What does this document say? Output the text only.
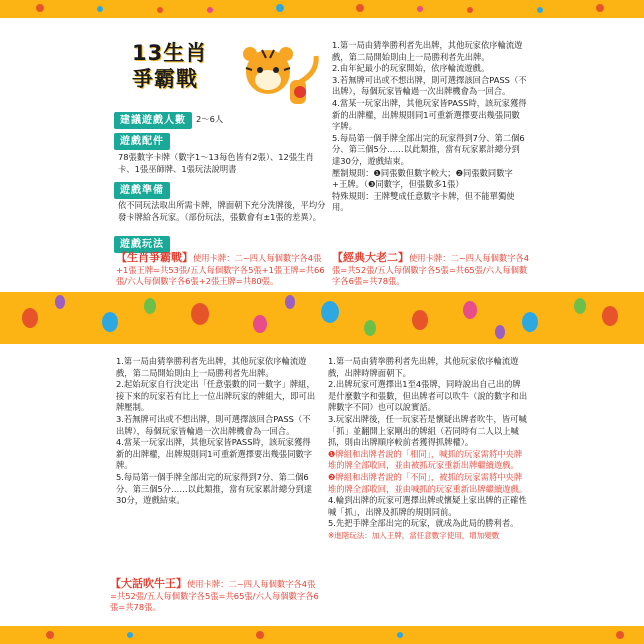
13生肖
爭霸戰
建議遊戲人數	2～6人
遊戲配件
78張數字卡牌（數字1～13每色皆有2張）、12張生肖卡、1張巫師牌、1張玩法說明書
遊戲準備
依不同玩法取出所需卡牌，牌面朝下充分洗牌後，平均分發卡牌給各玩家。（部份玩法，張數會有±1張的差異）。
遊戲玩法
【生肖爭霸戰】使用卡牌：二~四人每個數字各4張+1張王牌=共53張/五人每個數字各5張+1張王牌=共66張/六人每個數字各6張+2張王牌=共80張。

1.第一局由猜拳勝利者先出牌，其他玩家依序輪流遊戲，第二局開始則由上一局勝利者先出牌。

2.由年紀最小的玩家開始，依序輪流遊戲。

3.若無牌可出或不想出牌，則可選擇該回合PASS（不出牌），每個玩家皆輪過一次出牌機會為一回合。

4.當某一玩家出牌，其他玩家皆PASS時，該玩家獲得新的出牌權，出牌規則同1可重新選擇要出幾張同數字牌。

5.每局第一個手牌全部出完的玩家得到7分、第二個6分、第三個5分……以此類推，當有玩家累計總分到達30分，遊戲結束。

壓制規則：❶同張數但數字較大；❷同張數同數字+王牌。（❸同數字，但張數多1張）

特殊規則：王牌雙成任意數字卡牌，但不能單獨使用。

【經典大老二】使用卡牌：二~四人每個數字各4張=共52張/五人每個數字各5張=共65張/六人每個數字各6張=共78張。

1.第一局由猜拳勝利者先出牌，其他玩家依序輪流遊戲，第二局開始則由上一局勝利者先出牌。

2.起始玩家自行決定出「任意張數的同一數字」牌組，接下來的玩家若有比上一位出牌玩家的牌組大，即可出牌壓制。

3.若無牌可出或不想出牌，則可選擇該回合PASS（不出牌），每個玩家皆輪過一次出牌機會為一回合。

4.當某一玩家出牌，其他玩家皆PASS時，該玩家獲得新的出牌權，出牌規則同1可重新選擇要出幾張同數字牌。

5.每局第一個手牌全部出完的玩家得到7分、第二個6分、第三個5分……以此類推，當有玩家累計總分到達30分，遊戲結束。

【大話吹牛王】使用卡牌：二~四人每個數字各4張=共52張/五人每個數字各5張=共65張/六人每個數字各6張=共78張。

1.第一局由猜拳勝利者先出牌，其他玩家依序輪流遊戲，出牌時牌面朝下。

2.出牌玩家可選擇出1至4張牌，同時說出自己出的牌是什麼數字和張數，但出牌者可以吹牛（說的數字和出牌數字不同）也可以說實話。

3.玩家出牌後，任一玩家若是懷疑出牌者吹牛，皆可喊「抓」並翻開上家剛出的牌組（若同時有二人以上喊抓，則由出牌順序較前者獲得抓牌權）。

❶牌組和出牌者說的「相同」，喊抓的玩家需將中央牌堆的牌全部收回，並由被抓玩家重新出牌繼續遊戲。

❷牌組和出牌者說的「不同」，被抓的玩家需將中央牌堆的牌全部收回，並由喊抓的玩家重新出牌繼續遊戲。

4.輪到出牌的玩家可選擇出牌或懷疑上家出牌的正確性喊「抓」，出牌及抓牌的規則同前。

5.先把手牌全部出完的玩家，就成為此局的勝利者。

※進階玩法：加入王牌，當任意數字使用，增加變數
